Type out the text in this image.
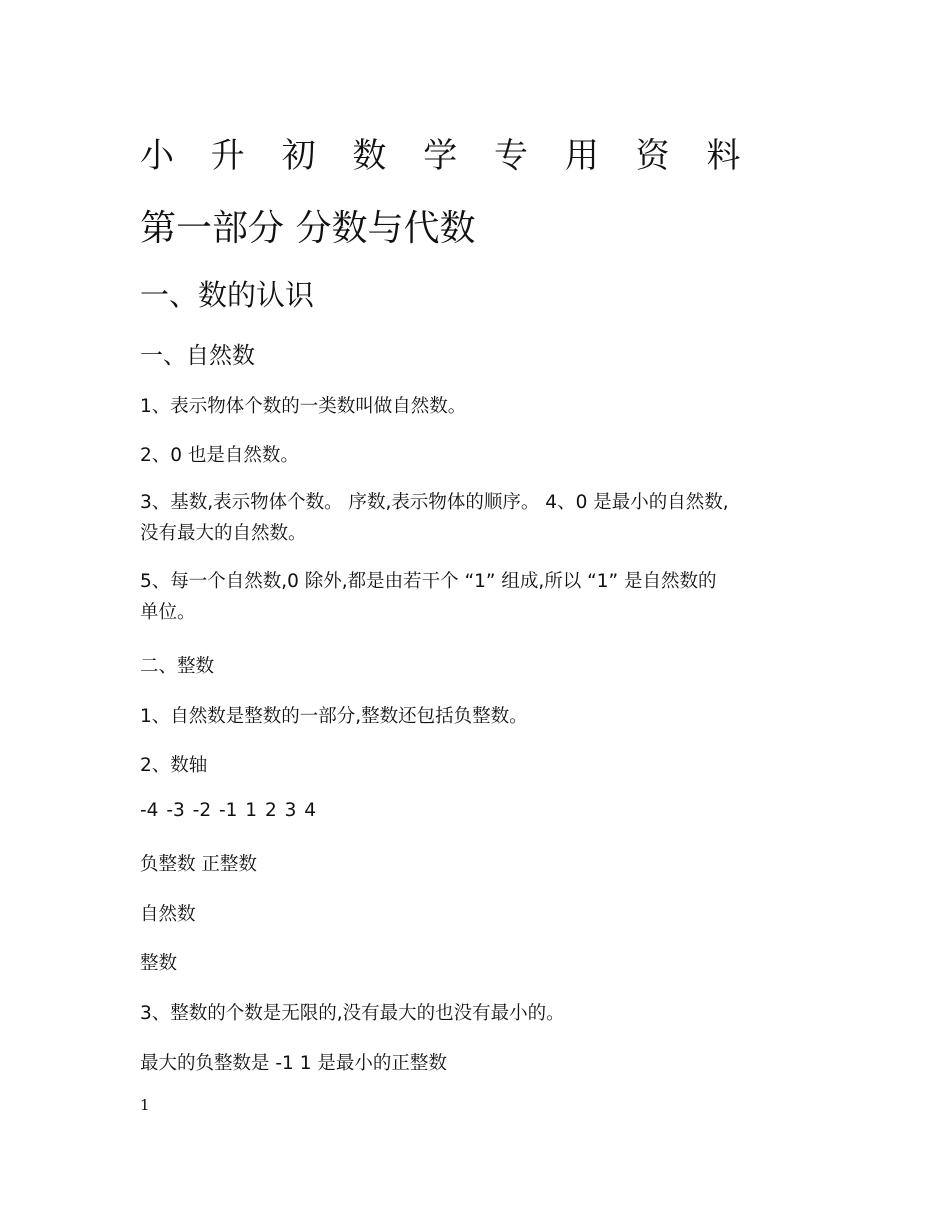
小 升 初 数 学 专 用 资 料
第一部分 分数与代数
一、数的认识
一、自然数
1、表示物体个数的一类数叫做自然数。
2、0 也是自然数。
3、基数,表示物体个数。 序数,表示物体的顺序。 4、0 是最小的自然数,
没有最大的自然数。
5、每一个自然数,0 除外,都是由若干个 “1” 组成,所以 “1” 是自然数的
单位。
二、整数
1、自然数是整数的一部分,整数还包括负整数。
2、数轴
-4 -3 -2 -1 1 2 3 4
负整数 正整数
自然数
整数
3、整数的个数是无限的,没有最大的也没有最小的。
最大的负整数是 -1 1 是最小的正整数
1
